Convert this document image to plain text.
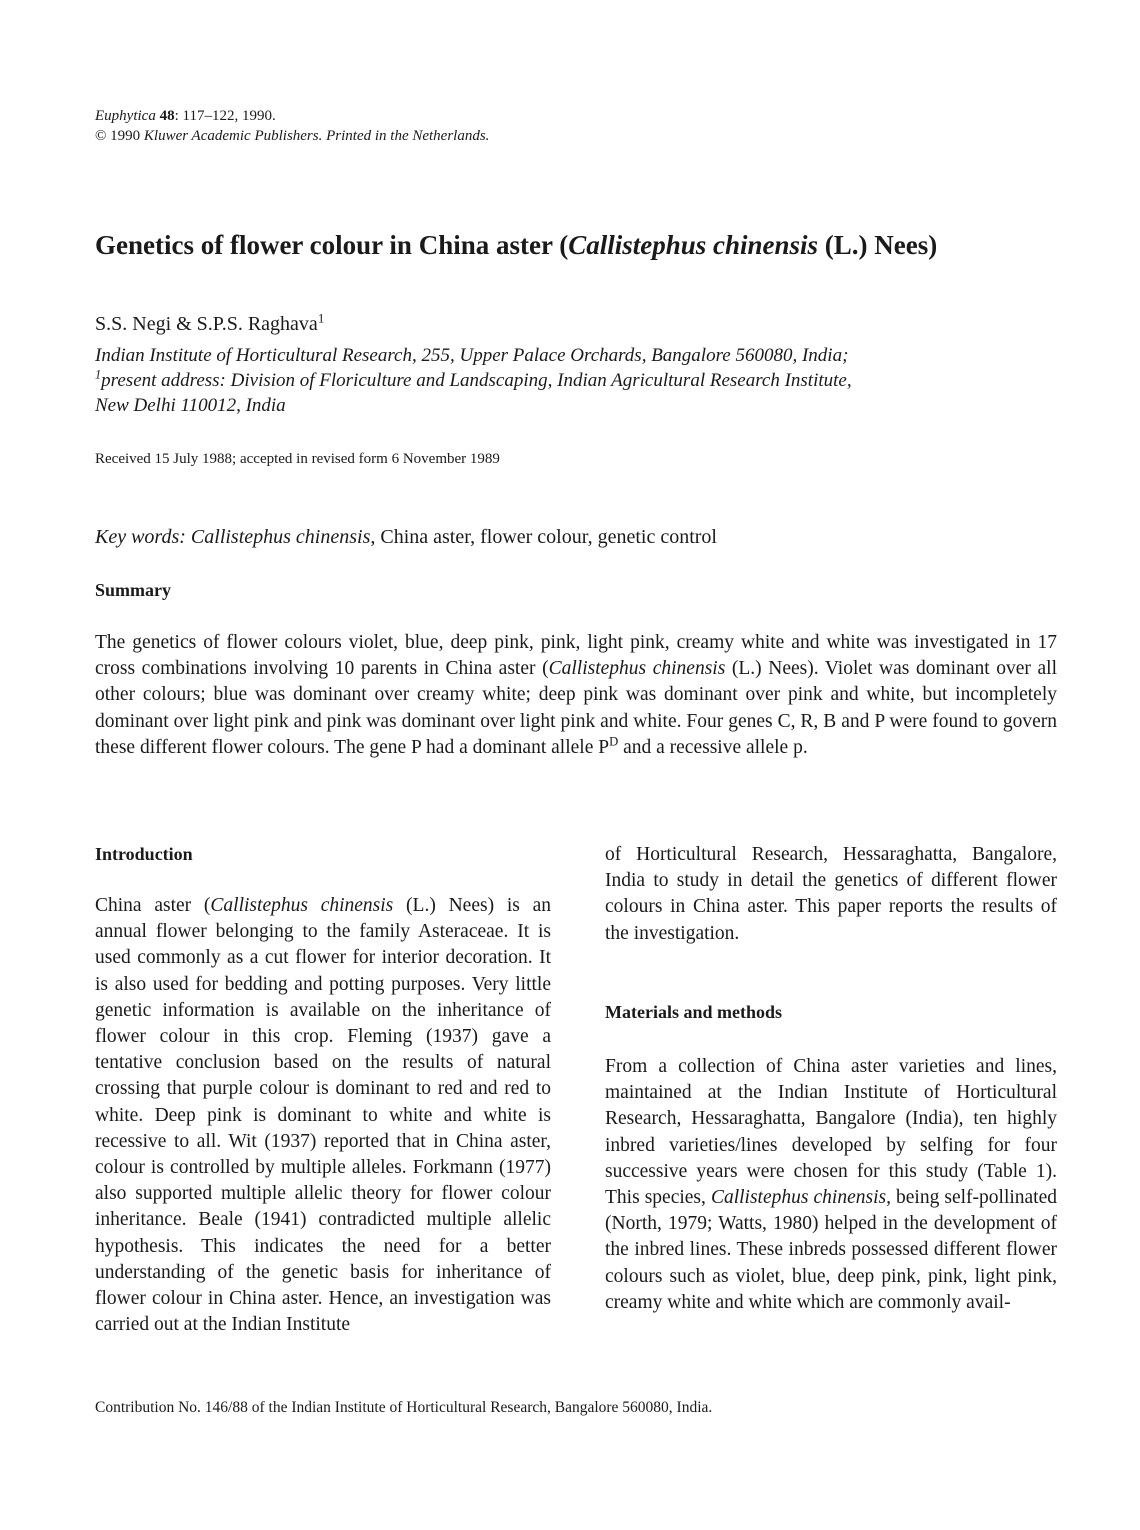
Euphytica 48: 117–122, 1990.
© 1990 Kluwer Academic Publishers. Printed in the Netherlands.
Genetics of flower colour in China aster (Callistephus chinensis (L.) Nees)
S.S. Negi & S.P.S. Raghava$^1$
Indian Institute of Horticultural Research, 255, Upper Palace Orchards, Bangalore 560080, India;
$^1$present address: Division of Floriculture and Landscaping, Indian Agricultural Research Institute,
New Delhi 110012, India
Received 15 July 1988; accepted in revised form 6 November 1989
Key words: Callistephus chinensis, China aster, flower colour, genetic control
Summary
The genetics of flower colours violet, blue, deep pink, pink, light pink, creamy white and white was investigated in 17 cross combinations involving 10 parents in China aster (Callistephus chinensis (L.) Nees). Violet was dominant over all other colours; blue was dominant over creamy white; deep pink was dominant over pink and white, but incompletely dominant over light pink and pink was dominant over light pink and white. Four genes C, R, B and P were found to govern these different flower colours. The gene P had a dominant allele $P^D$ and a recessive allele p.
Introduction
China aster (Callistephus chinensis (L.) Nees) is an annual flower belonging to the family Asteraceae. It is used commonly as a cut flower for interior decoration. It is also used for bedding and potting purposes. Very little genetic information is available on the inheritance of flower colour in this crop. Fleming (1937) gave a tentative conclusion based on the results of natural crossing that purple colour is dominant to red and red to white. Deep pink is dominant to white and white is recessive to all. Wit (1937) reported that in China aster, colour is controlled by multiple alleles. Forkmann (1977) also supported multiple allelic theory for flower colour inheritance. Beale (1941) contradicted multiple allelic hypothesis. This indicates the need for a better understanding of the genetic basis for inheritance of flower colour in China aster. Hence, an investigation was carried out at the Indian Institute
of Horticultural Research, Hessaraghatta, Bangalore, India to study in detail the genetics of different flower colours in China aster. This paper reports the results of the investigation.
Materials and methods
From a collection of China aster varieties and lines, maintained at the Indian Institute of Horticultural Research, Hessaraghatta, Bangalore (India), ten highly inbred varieties/lines developed by selfing for four successive years were chosen for this study (Table 1). This species, Callistephus chinensis, being self-pollinated (North, 1979; Watts, 1980) helped in the development of the inbred lines. These inbreds possessed different flower colours such as violet, blue, deep pink, pink, light pink, creamy white and white which are commonly avail-
Contribution No. 146/88 of the Indian Institute of Horticultural Research, Bangalore 560080, India.
